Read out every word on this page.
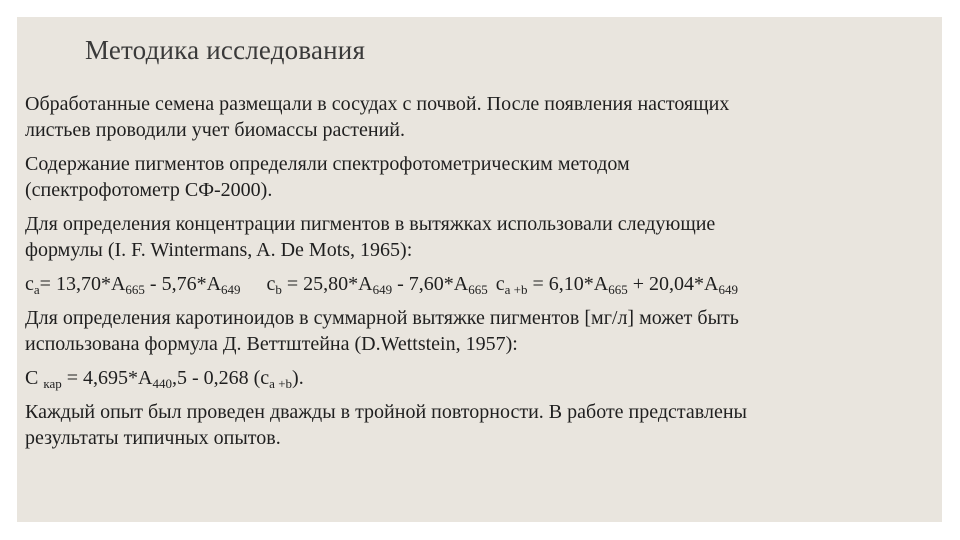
Методика исследования
Обработанные семена размещали в сосудах с почвой. После появления настоящих
листьев проводили учет биомассы растений.
Содержание пигментов определяли спектрофотометрическим методом
(спектрофотометр СФ-2000).
Для определения концентрации пигментов в вытяжках использовали следующие
формулы (I. F. Wintermans, A. De Mots, 1965):
$c_a= 13,70*A_{665} - 5,76*A_{649}$ $c_b = 25,80*A_{649} - 7,60*A_{665}$ $c_{a +b} = 6,10*A_{665} + 20,04*A_{649}$
Для определения каротиноидов в суммарной вытяжке пигментов [мг/л] может быть
использована формула Д. Веттштейна (D.Wettstein, 1957):
C $_{кар} = 4,695*A_{440},5 - 0,268$ $(c_{a +b})$.
Каждый опыт был проведен дважды в тройной повторности. В работе представлены
результаты типичных опытов.
